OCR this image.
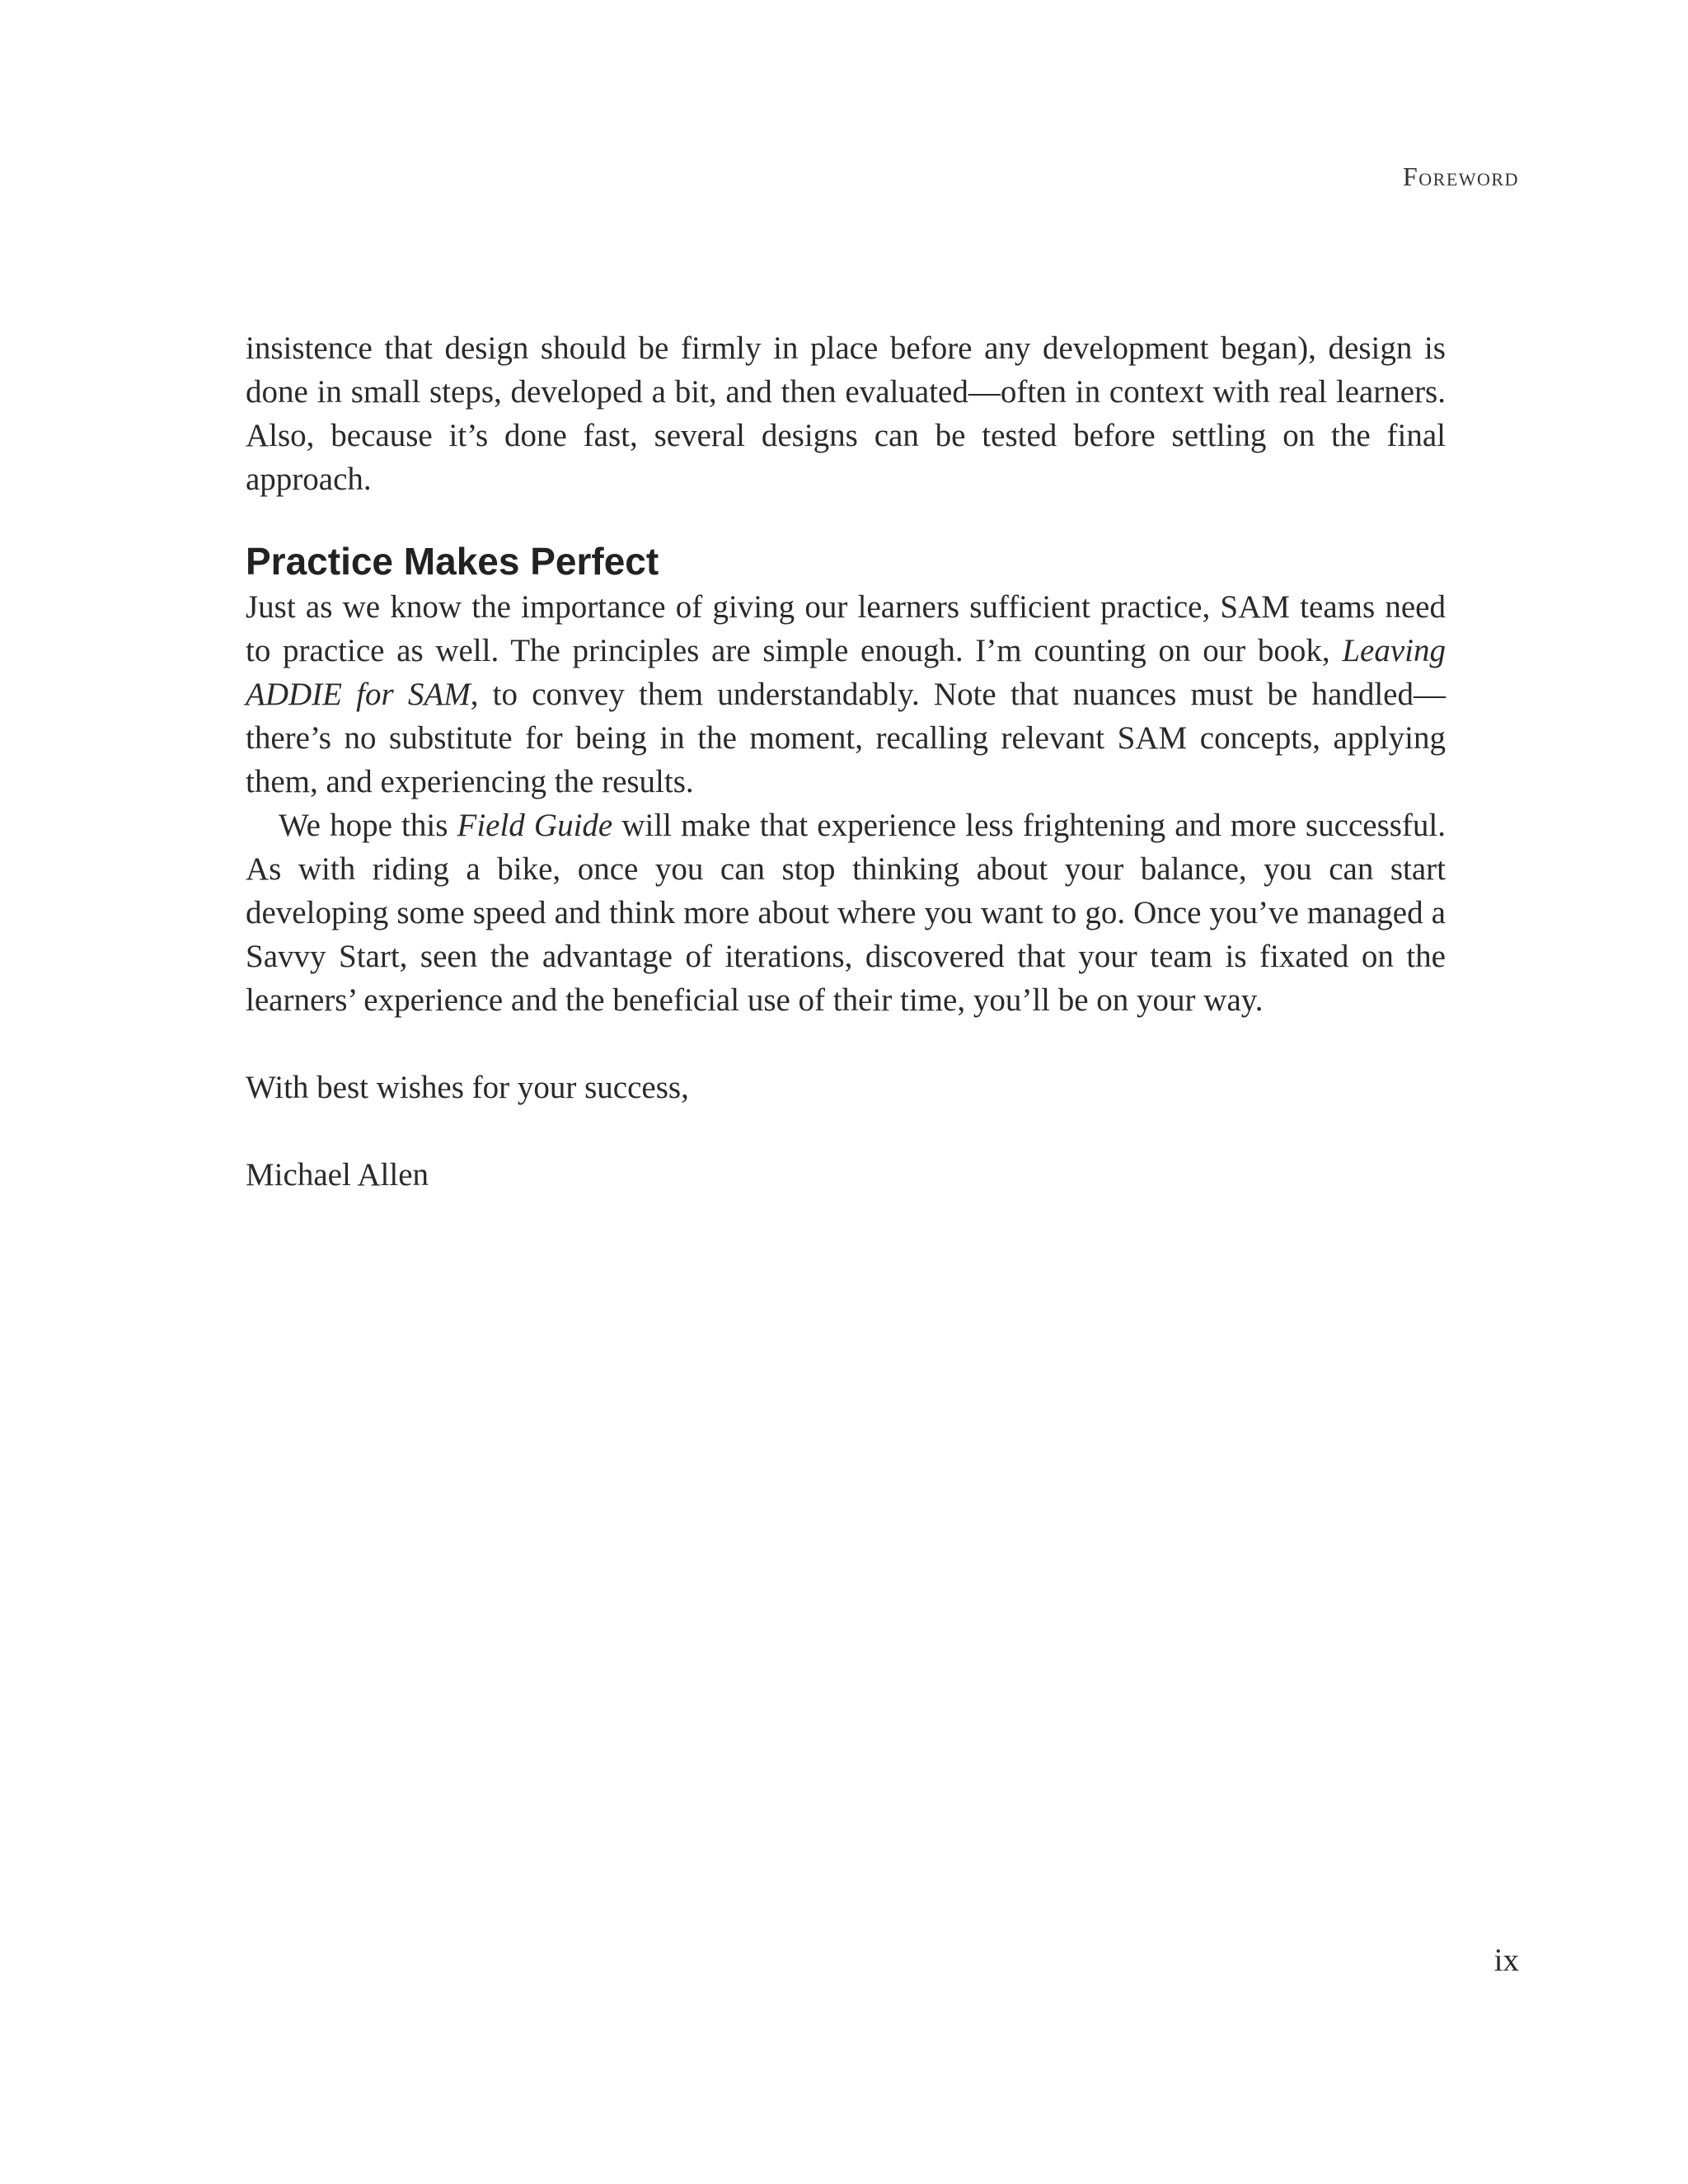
Foreword

insistence that design should be firmly in place before any development began), design is done in small steps, developed a bit, and then evaluated—often in context with real learners. Also, because it’s done fast, several designs can be tested before settling on the final approach.

Practice Makes Perfect

Just as we know the importance of giving our learners sufficient practice, SAM teams need to practice as well. The principles are simple enough. I’m counting on our book, Leaving ADDIE for SAM, to convey them understandably. Note that nuances must be handled—there’s no substitute for being in the moment, recalling relevant SAM concepts, applying them, and experiencing the results.

We hope this Field Guide will make that experience less frightening and more successful. As with riding a bike, once you can stop thinking about your balance, you can start developing some speed and think more about where you want to go. Once you’ve managed a Savvy Start, seen the advantage of iterations, discovered that your team is fixated on the learners’ experience and the beneficial use of their time, you’ll be on your way.

With best wishes for your success,

Michael Allen

ix
